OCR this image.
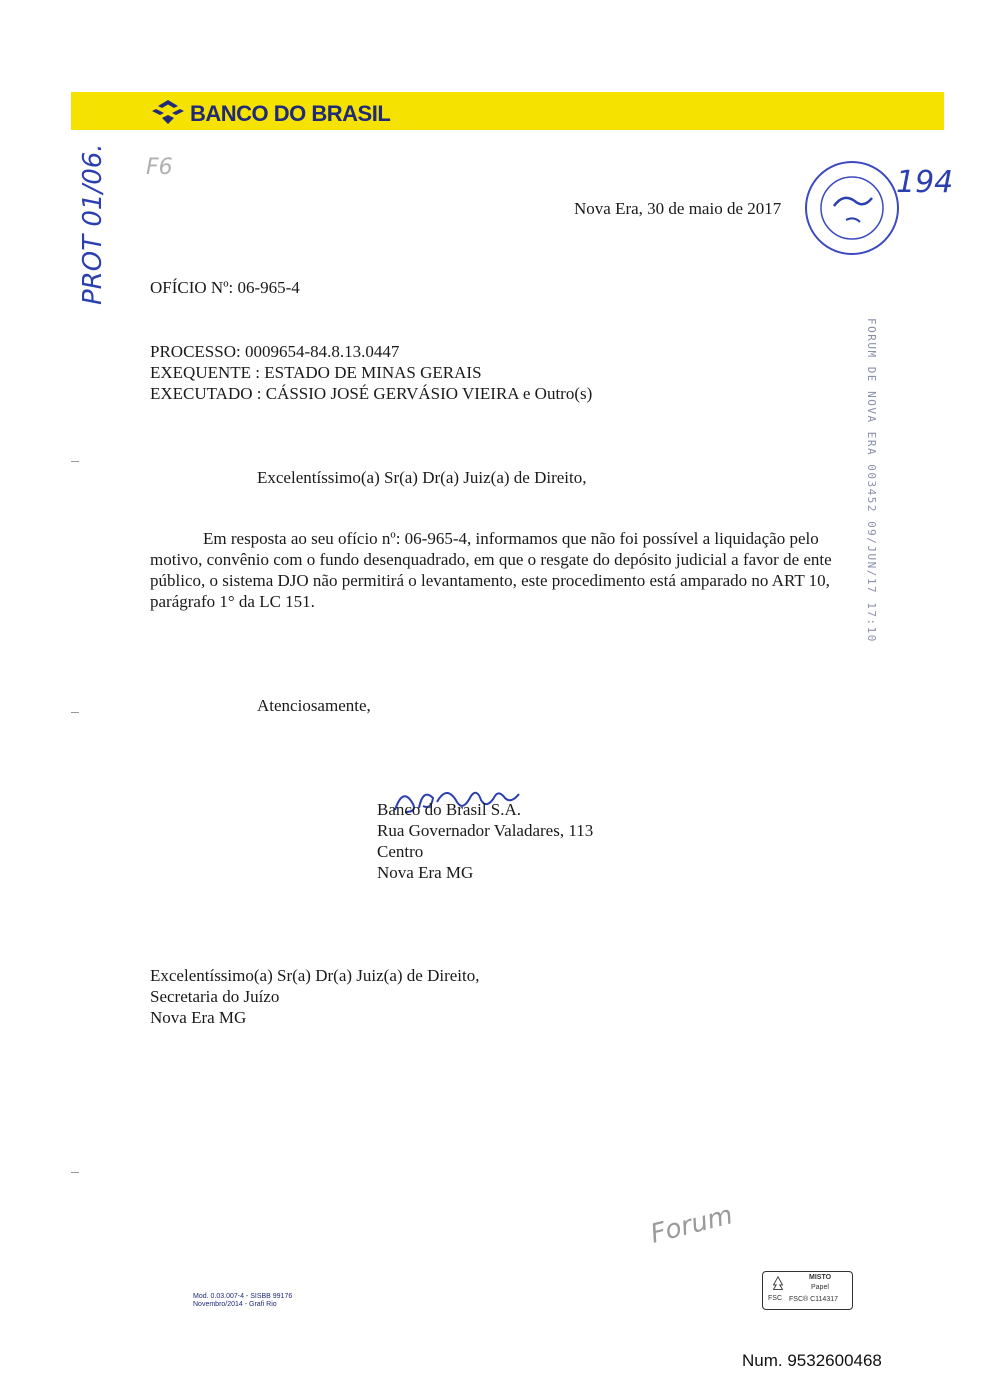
BANCO DO BRASIL
PROT 01/06. F6	194
Forum
Nova Era, 30 de maio de 2017
OFÍCIO Nº: 06-965-4
PROCESSO: 0009654-84.8.13.0447
EXEQUENTE : ESTADO DE MINAS GERAIS
EXECUTADO : CÁSSIO JOSÉ GERVÁSIO VIEIRA e Outro(s)
Excelentíssimo(a) Sr(a) Dr(a) Juiz(a) de Direito,
Em resposta ao seu ofício nº: 06-965-4, informamos que não foi possível a liquidação pelo
motivo, convênio com o fundo desenquadrado, em que o resgate do depósito judicial a favor de ente
público, o sistema DJO não permitirá o levantamento, este procedimento está amparado no ART 10,
parágrafo 1° da LC 151.
Atenciosamente,
Banco do Brasil S.A.
Rua Governador Valadares, 113
Centro
Nova Era MG
Excelentíssimo(a) Sr(a) Dr(a) Juiz(a) de Direito,
Secretaria do Juízo
Nova Era MG
FORUM DE NOVA ERA 003452 09/JUN/17 17:10
Mod. 0.03.007-4 - SISBB 99176
Novembro/2014 - Grafi Rio
FSC
MISTO
Papel
FSC® C114317
Num. 9532600468
